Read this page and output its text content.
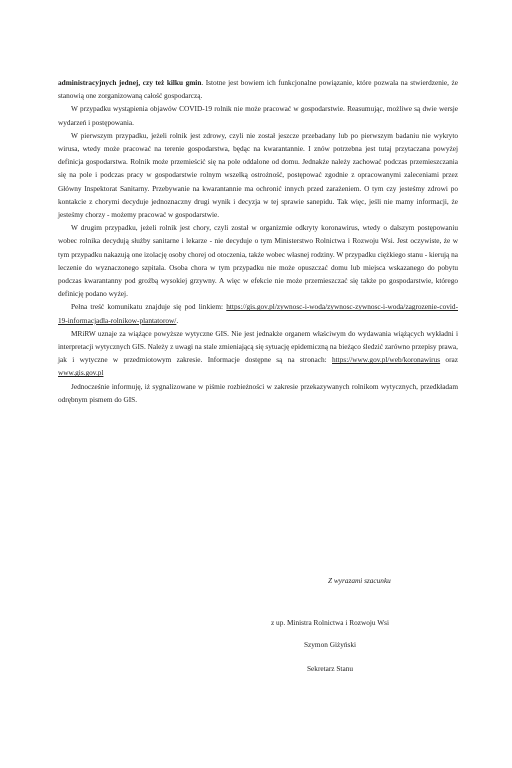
administracyjnych jednej, czy też kilku gmin. Istotne jest bowiem ich funkcjonalne powiązanie, które pozwala na stwierdzenie, że stanowią one zorganizowaną całość gospodarczą.

W przypadku wystąpienia objawów COVID-19 rolnik nie może pracować w gospodarstwie. Reasumując, możliwe są dwie wersje wydarzeń i postępowania.

W pierwszym przypadku, jeżeli rolnik jest zdrowy, czyli nie został jeszcze przebadany lub po pierwszym badaniu nie wykryto wirusa, wtedy może pracować na terenie gospodarstwa, będąc na kwarantannie. I znów potrzebna jest tutaj przytaczana powyżej definicja gospodarstwa. Rolnik może przemieścić się na pole oddalone od domu. Jednakże należy zachować podczas przemieszczania się na pole i podczas pracy w gospodarstwie rolnym wszelką ostrożność, postępować zgodnie z opracowanymi zaleceniami przez Główny Inspektorat Sanitarny. Przebywanie na kwarantannie ma ochronić innych przed zarażeniem. O tym czy jesteśmy zdrowi po kontakcie z chorymi decyduje jednoznaczny drugi wynik i decyzja w tej sprawie sanepidu. Tak więc, jeśli nie mamy informacji, że jesteśmy chorzy - możemy pracować w gospodarstwie.

W drugim przypadku, jeżeli rolnik jest chory, czyli został w organizmie odkryty koronawirus, wtedy o dalszym postępowaniu wobec rolnika decydują służby sanitarne i lekarze - nie decyduje o tym Ministerstwo Rolnictwa i Rozwoju Wsi. Jest oczywiste, że w tym przypadku nakazują one izolację osoby chorej od otoczenia, także wobec własnej rodziny. W przypadku ciężkiego stanu - kierują na leczenie do wyznaczonego szpitala. Osoba chora w tym przypadku nie może opuszczać domu lub miejsca wskazanego do pobytu podczas kwarantanny pod groźbą wysokiej grzywny. A więc w efekcie nie może przemieszczać się także po gospodarstwie, którego definicję podano wyżej.

Pełna treść komunikatu znajduje się pod linkiem: https://gis.gov.pl/zywnosc-i-woda/zywnosc-zywnosc-i-woda/zagrozenie-covid-19-informacjadla-rolnikow-plantatorow/.

MRiRW uznaje za wiążące powyższe wytyczne GIS. Nie jest jednakże organem właściwym do wydawania wiążących wykładni i interpretacji wytycznych GIS. Należy z uwagi na stale zmieniającą się sytuację epidemiczną na bieżąco śledzić zarówno przepisy prawa, jak i wytyczne w przedmiotowym zakresie. Informacje dostępne są na stronach: https://www.gov.pl/web/koronawirus oraz www.gis.gov.pl

Jednocześnie informuję, iż sygnalizowane w piśmie rozbieżności w zakresie przekazywanych rolnikom wytycznych, przedkładam odrębnym pismem do GIS.

Z wyrazami szacunku
z up. Ministra Rolnictwa i Rozwoju Wsi
Szymon Giżyński
Sekretarz Stanu
